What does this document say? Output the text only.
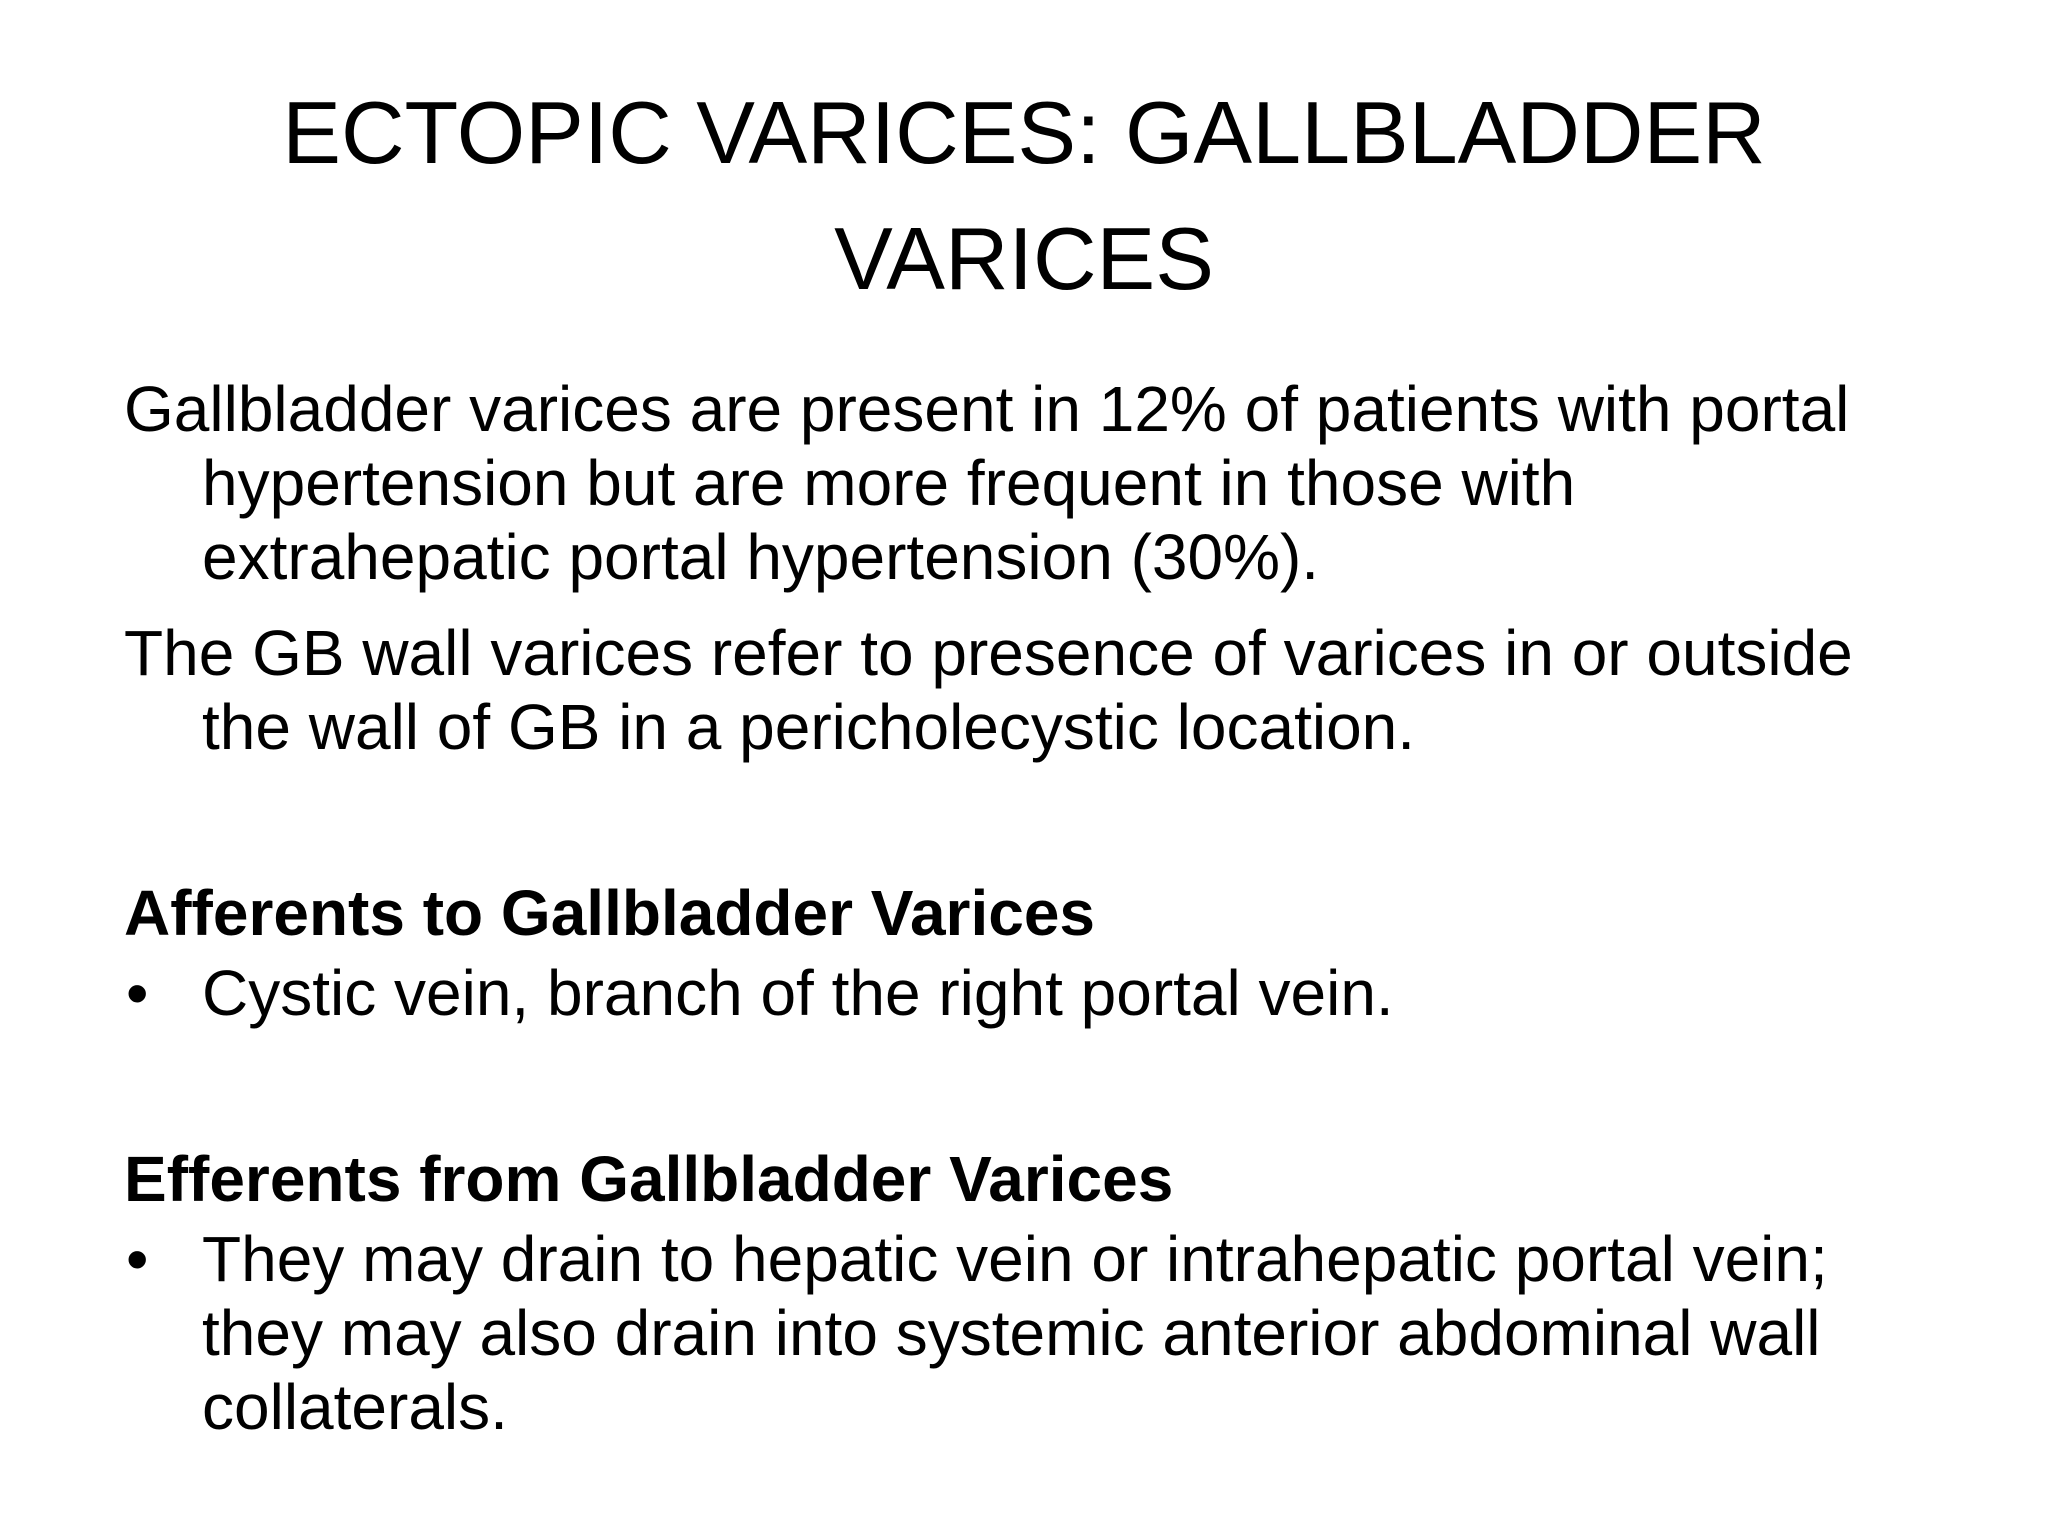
ECTOPIC VARICES: GALLBLADDER
VARICES

Gallbladder varices are present in 12% of patients with portal hypertension but are more frequent in those with extrahepatic portal hypertension (30%).

The GB wall varices refer to presence of varices in or outside the wall of GB in a pericholecystic location.

Afferents to Gallbladder Varices
• Cystic vein, branch of the right portal vein.
Efferents from Gallbladder Varices
• They may drain to hepatic vein or intrahepatic portal vein; they may also drain into systemic anterior abdominal wall collaterals.
